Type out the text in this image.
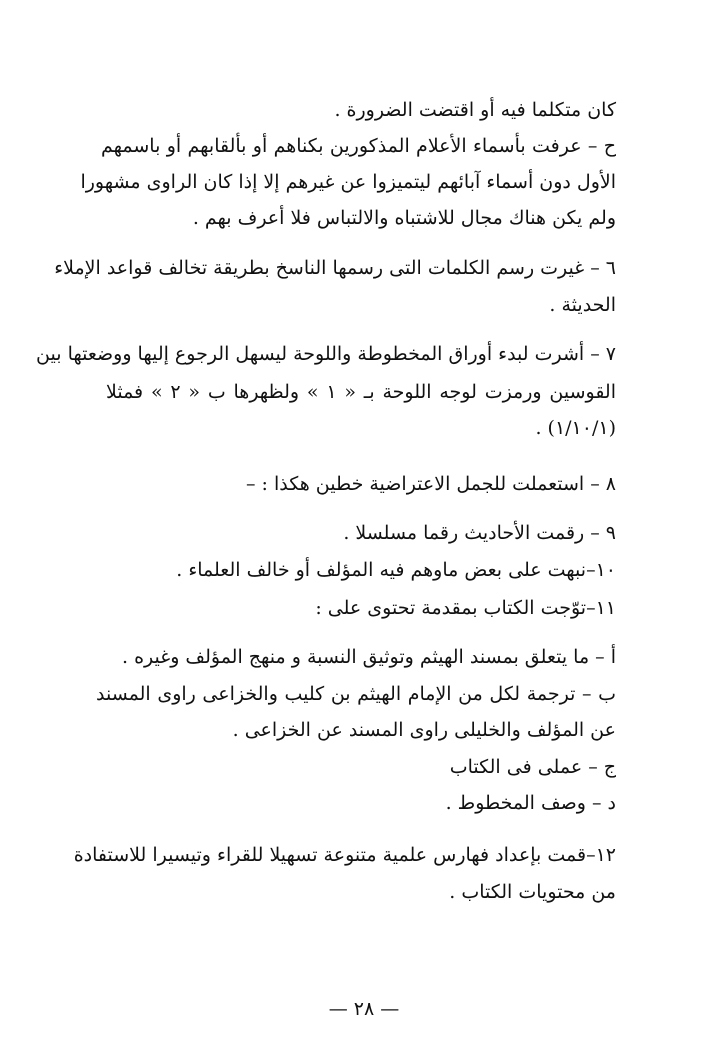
كان متكلما فيه أو اقتضت الضرورة .

ح – عرفت بأسماء الأعلام المذكورين بكناهم أو بألقابهم أو باسمهم

الأول دون أسماء آبائهم ليتميزوا عن غيرهم إلا إذا كان الراوى مشهورا

ولم يكن هناك مجال للاشتباه والالتباس فلا أعرف بهم .

٦ – غيرت رسم الكلمات التى رسمها الناسخ بطريقة تخالف قواعد الإملاء

الحديثة .

٧ – أشرت لبدء أوراق المخطوطة واللوحة ليسهل الرجوع إليها ووضعتها بين

القوسين ورمزت لوجه اللوحة بـ « ١ » ولظهرها ب « ٢ » فمثلا

(١/١٠/١) .

٨ – استعملت للجمل الاعتراضية خطين هكذا : –

٩ – رقمت الأحاديث رقما مسلسلا .

١٠–نبهت على بعض ماوهم فيه المؤلف أو خالف العلماء .

١١–توّجت الكتاب بمقدمة تحتوى على :

أ – ما يتعلق بمسند الهيثم وتوثيق النسبة و منهج المؤلف وغيره .

ب – ترجمة لكل من الإمام الهيثم بن كليب والخزاعى راوى المسند

عن المؤلف والخليلى راوى المسند عن الخزاعى .

ج – عملى فى الكتاب

د – وصف المخطوط .

١٢–قمت بإعداد فهارس علمية متنوعة تسهيلا للقراء وتيسيرا للاستفادة

من محتويات الكتاب .

— ٢٨ —
